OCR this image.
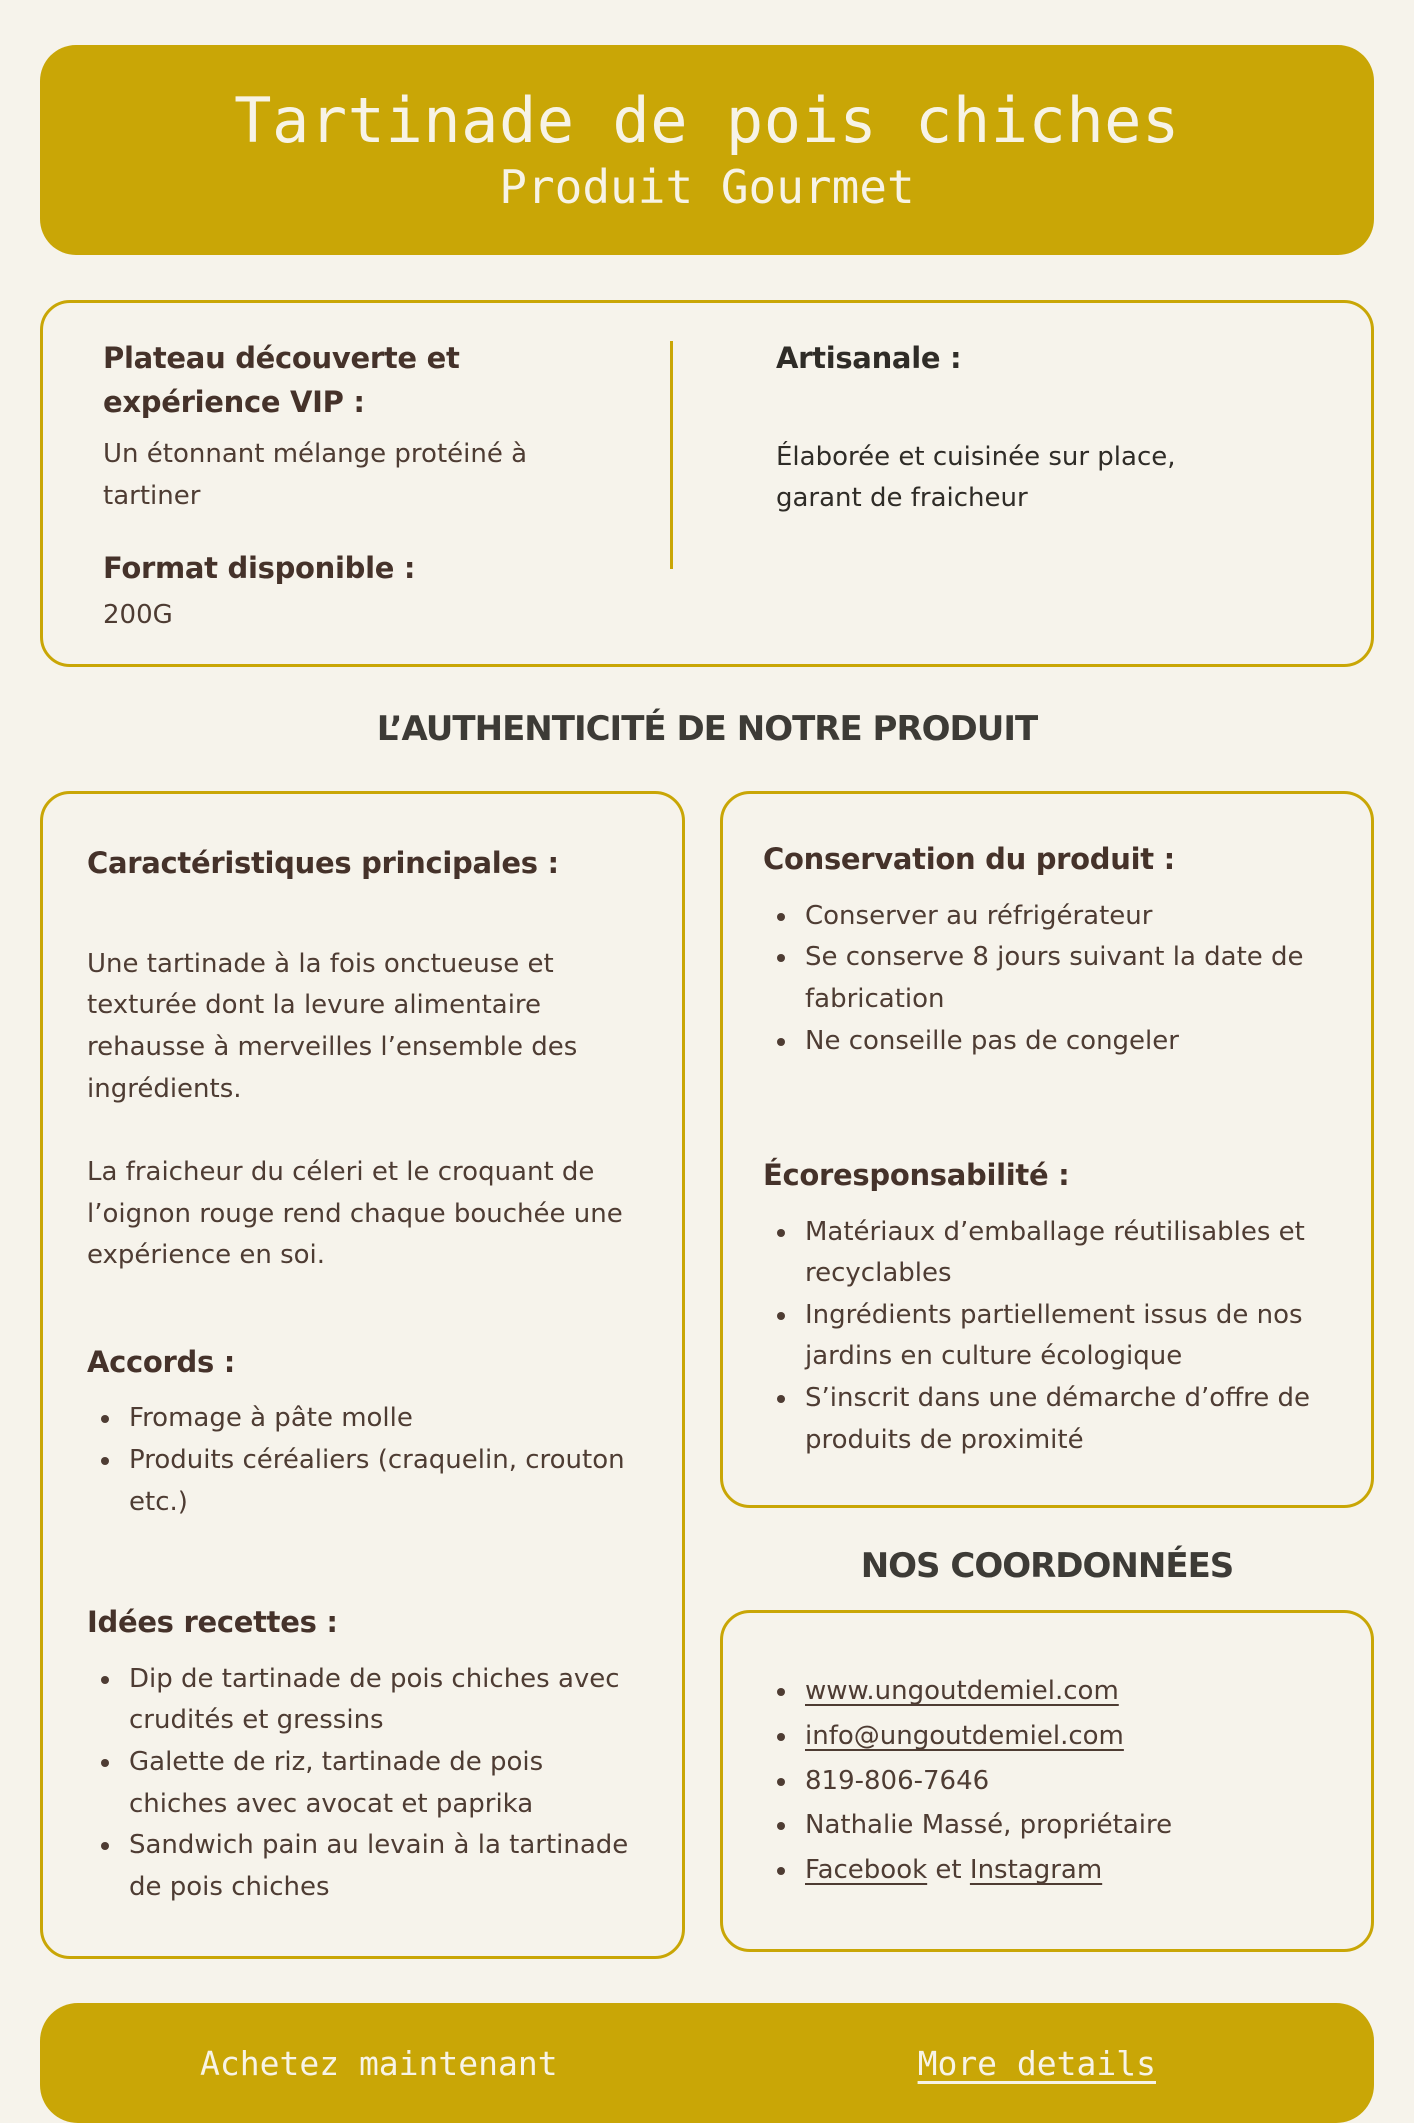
Tartinade de pois chiches
Produit Gourmet

Plateau découverte et expérience VIP :

Un étonnant mélange protéiné à tartiner

Format disponible :

200G

Artisanale :

Élaborée et cuisinée sur place, garant de fraicheur

L’AUTHENTICITÉ DE NOTRE PRODUIT

Caractéristiques principales :

Une tartinade à la fois onctueuse et texturée dont la levure alimentaire rehausse à merveilles l’ensemble des ingrédients.

La fraicheur du céleri et le croquant de l’oignon rouge rend chaque bouchée une expérience en soi.

Accords :

• Fromage à pâte molle
• Produits céréaliers (craquelin, crouton etc.)

Idées recettes :

• Dip de tartinade de pois chiches avec crudités et gressins
• Galette de riz, tartinade de pois chiches avec avocat et paprika
• Sandwich pain au levain à la tartinade de pois chiches

Conservation du produit :

• Conserver au réfrigérateur
• Se conserve 8 jours suivant la date de fabrication
• Ne conseille pas de congeler

Écoresponsabilité :

• Matériaux d’emballage réutilisables et recyclables
• Ingrédients partiellement issus de nos jardins en culture écologique
• S’inscrit dans une démarche d’offre de produits de proximité
NOS COORDONNÉES
• www.ungoutdemiel.com
• info@ungoutdemiel.com
• 819-806-7646
• Nathalie Massé, propriétaire
• Facebook et Instagram
Achetez maintenant	More details
